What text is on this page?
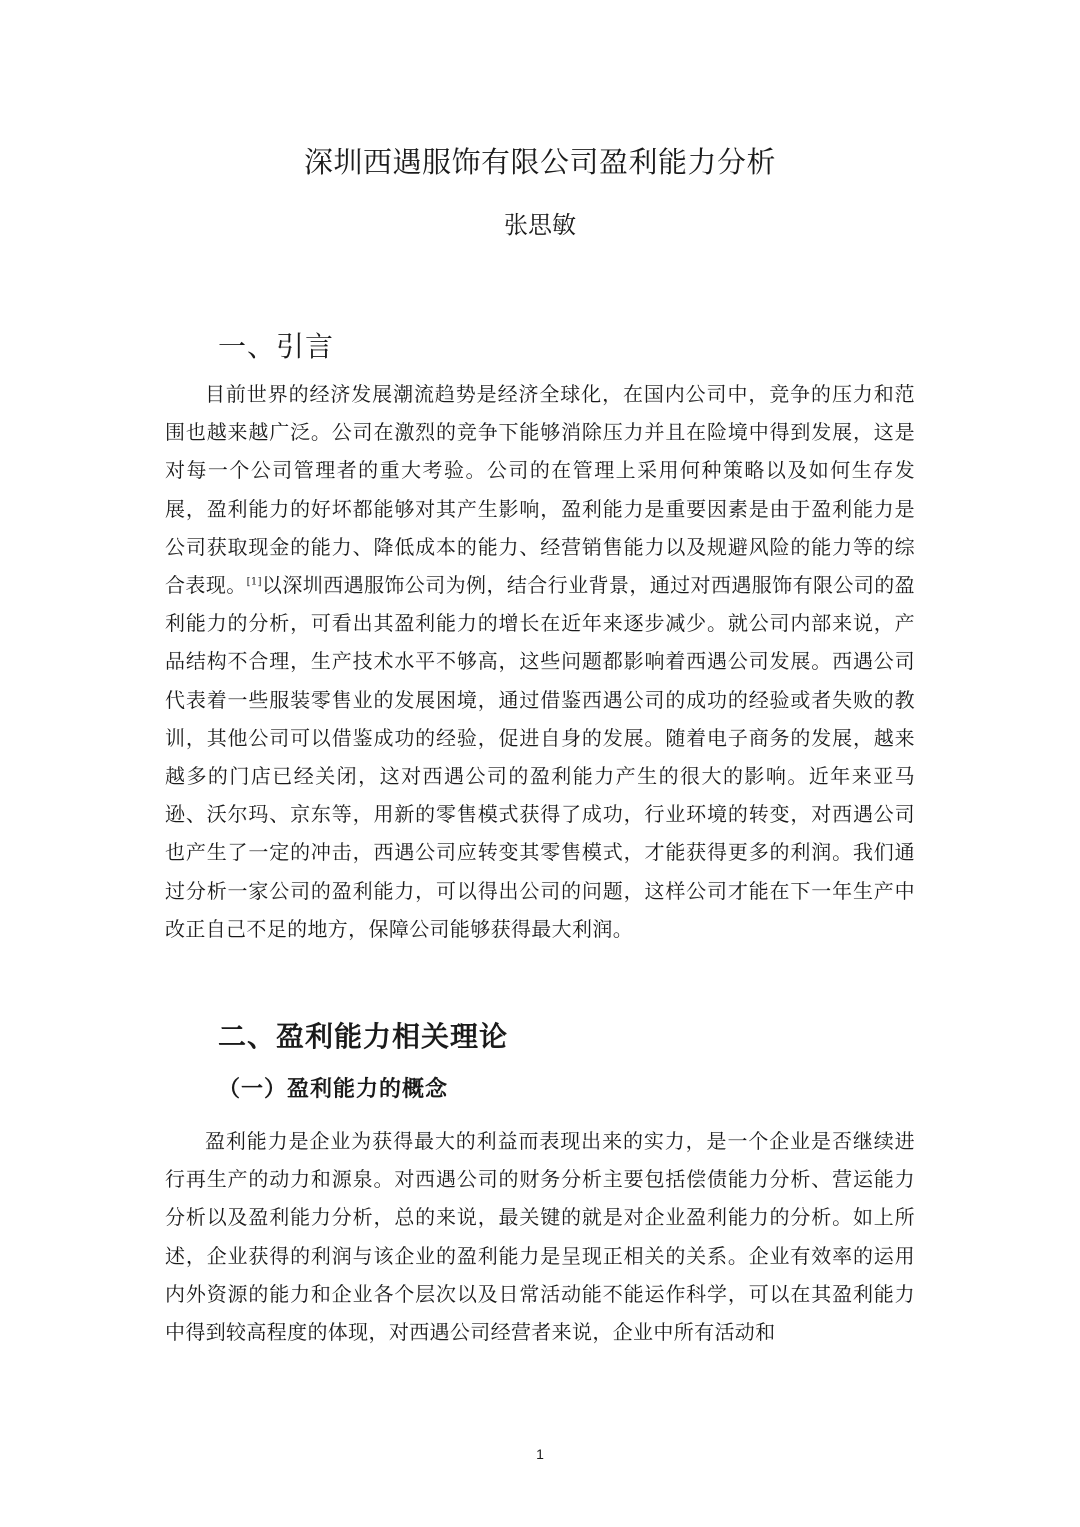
深圳西遇服饰有限公司盈利能力分析

张思敏

一、引言

目前世界的经济发展潮流趋势是经济全球化，在国内公司中，竞争的压力和范围也越来越广泛。公司在激烈的竞争下能够消除压力并且在险境中得到发展，这是对每一个公司管理者的重大考验。公司的在管理上采用何种策略以及如何生存发展，盈利能力的好坏都能够对其产生影响，盈利能力是重要因素是由于盈利能力是公司获取现金的能力、降低成本的能力、经营销售能力以及规避风险的能力等的综合表现。[1]以深圳西遇服饰公司为例，结合行业背景，通过对西遇服饰有限公司的盈利能力的分析，可看出其盈利能力的增长在近年来逐步减少。就公司内部来说，产品结构不合理，生产技术水平不够高，这些问题都影响着西遇公司发展。西遇公司代表着一些服装零售业的发展困境，通过借鉴西遇公司的成功的经验或者失败的教训，其他公司可以借鉴成功的经验，促进自身的发展。随着电子商务的发展，越来越多的门店已经关闭，这对西遇公司的盈利能力产生的很大的影响。近年来亚马逊、沃尔玛、京东等，用新的零售模式获得了成功，行业环境的转变，对西遇公司也产生了一定的冲击，西遇公司应转变其零售模式，才能获得更多的利润。我们通过分析一家公司的盈利能力，可以得出公司的问题，这样公司才能在下一年生产中改正自己不足的地方，保障公司能够获得最大利润。

二、盈利能力相关理论
（一）盈利能力的概念

盈利能力是企业为获得最大的利益而表现出来的实力，是一个企业是否继续进行再生产的动力和源泉。对西遇公司的财务分析主要包括偿债能力分析、营运能力分析以及盈利能力分析，总的来说，最关键的就是对企业盈利能力的分析。如上所述，企业获得的利润与该企业的盈利能力是呈现正相关的关系。企业有效率的运用内外资源的能力和企业各个层次以及日常活动能不能运作科学，可以在其盈利能力中得到较高程度的体现，对西遇公司经营者来说，企业中所有活动和

1
